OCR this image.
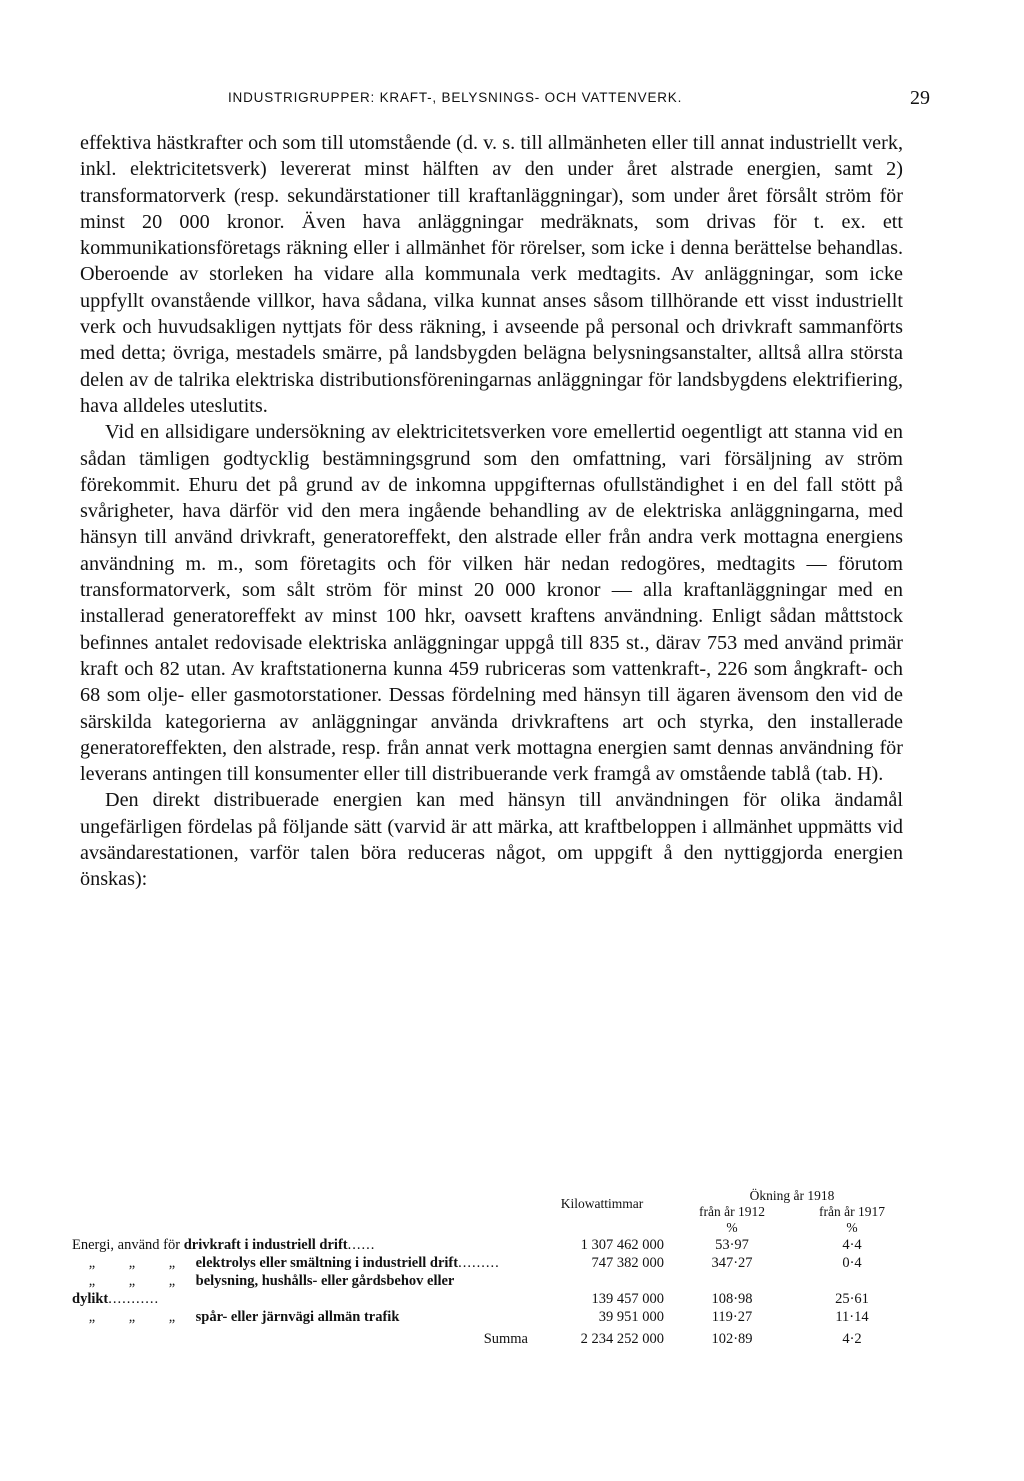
INDUSTRIGRUPPER: KRAFT-, BELYSNINGS- OCH VATTENVERK.	29

effektiva hästkrafter och som till utomstående (d. v. s. till allmänheten eller till annat industriellt verk, inkl. elektricitetsverk) levererat minst hälften av den under året alstrade energien, samt 2) transformatorverk (resp. sekundärstationer till kraftanläggningar), som under året försålt ström för minst 20 000 kronor. Även hava anläggningar medräknats, som drivas för t. ex. ett kommunikationsföretags räkning eller i allmänhet för rörelser, som icke i denna berättelse behandlas. Oberoende av storleken ha vidare alla kommunala verk medtagits. Av anläggningar, som icke uppfyllt ovanstående villkor, hava sådana, vilka kunnat anses såsom tillhörande ett visst industriellt verk och huvudsakligen nyttjats för dess räkning, i avseende på personal och drivkraft sammanförts med detta; övriga, mestadels smärre, på landsbygden belägna belysningsanstalter, alltså allra största delen av de talrika elektriska distributionsföreningarnas anläggningar för landsbygdens elektrifiering, hava alldeles uteslutits.

Vid en allsidigare undersökning av elektricitetsverken vore emellertid oegentligt att stanna vid en sådan tämligen godtycklig bestämningsgrund som den omfattning, vari försäljning av ström förekommit. Ehuru det på grund av de inkomna uppgifternas ofullständighet i en del fall stött på svårigheter, hava därför vid den mera ingående behandling av de elektriska anläggningarna, med hänsyn till använd drivkraft, generatoreffekt, den alstrade eller från andra verk mottagna energiens användning m. m., som företagits och för vilken här nedan redogöres, medtagits — förutom transformatorverk, som sålt ström för minst 20 000 kronor — alla kraftanläggningar med en installerad generatoreffekt av minst 100 hkr, oavsett kraftens användning. Enligt sådan måttstock befinnes antalet redovisade elektriska anläggningar uppgå till 835 st., därav 753 med använd primär kraft och 82 utan. Av kraftstationerna kunna 459 rubriceras som vattenkraft-, 226 som ångkraft- och 68 som olje- eller gasmotorstationer. Dessas fördelning med hänsyn till ägaren ävensom den vid de särskilda kategorierna av anläggningar använda drivkraftens art och styrka, den installerade generatoreffekten, den alstrade, resp. från annat verk mottagna energien samt dennas användning för leverans antingen till konsumenter eller till distribuerande verk framgå av omstående tablå (tab. H).

Den direkt distribuerade energien kan med hänsyn till användningen för olika ändamål ungefärligen fördelas på följande sätt (varvid är att märka, att kraftbeloppen i allmänhet uppmätts vid avsändarestationen, varför talen böra reduceras något, om uppgift å den nyttiggjorda energien önskas):

	Kilowattimmar	Ökning år 1918	
		från år 1912	från år 1917
		%	%
Energi, använd för drivkraft i industriell drift......	1 307 462 000	53·97	4·4
„ „ „ elektrolys eller smältning i industriell drift.........	747 382 000	347·27	0·4
„ „ „ belysning, hushålls- eller gårdsbehov eller dylikt...........	139 457 000	108·98	25·61
„ „ „ spår- eller järnvägi allmän trafik	39 951 000	119·27	11·14
Summa	2 234 252 000	102·89	4·2
